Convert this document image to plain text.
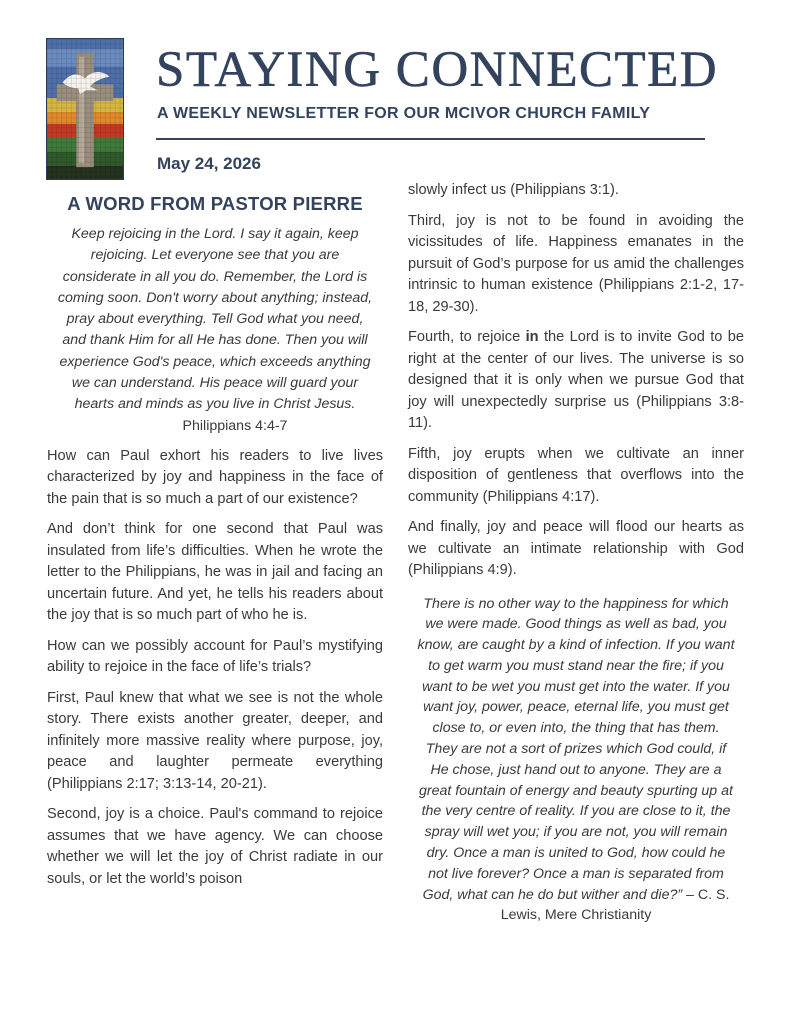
STAYING CONNECTED
A WEEKLY NEWSLETTER FOR OUR MCIVOR CHURCH FAMILY
May 24, 2026
A WORD FROM PASTOR PIERRE
Keep rejoicing in the Lord. I say it again, keep rejoicing. Let everyone see that you are considerate in all you do. Remember, the Lord is coming soon. Don't worry about anything; instead, pray about everything. Tell God what you need, and thank Him for all He has done. Then you will experience God's peace, which exceeds anything we can understand. His peace will guard your hearts and minds as you live in Christ Jesus.
Philippians 4:4-7

How can Paul exhort his readers to live lives characterized by joy and happiness in the face of the pain that is so much a part of our existence?

And don’t think for one second that Paul was insulated from life’s difficulties. When he wrote the letter to the Philippians, he was in jail and facing an uncertain future. And yet, he tells his readers about the joy that is so much part of who he is.

How can we possibly account for Paul’s mystifying ability to rejoice in the face of life’s trials?

First, Paul knew that what we see is not the whole story. There exists another greater, deeper, and infinitely more massive reality where purpose, joy, peace and laughter permeate everything (Philippians 2:17; 3:13-14, 20-21).

Second, joy is a choice. Paul's command to rejoice assumes that we have agency. We can choose whether we will let the joy of Christ radiate in our souls, or let the world’s poison

slowly infect us (Philippians 3:1).

Third, joy is not to be found in avoiding the vicissitudes of life. Happiness emanates in the pursuit of God’s purpose for us amid the challenges intrinsic to human existence (Philippians 2:1-2, 17-18, 29-30).

Fourth, to rejoice in the Lord is to invite God to be right at the center of our lives. The universe is so designed that it is only when we pursue God that joy will unexpectedly surprise us (Philippians 3:8-11).

Fifth, joy erupts when we cultivate an inner disposition of gentleness that overflows into the community (Philippians 4:17).

And finally, joy and peace will flood our hearts as we cultivate an intimate relationship with God (Philippians 4:9).

There is no other way to the happiness for which we were made. Good things as well as bad, you know, are caught by a kind of infection. If you want to get warm you must stand near the fire; if you want to be wet you must get into the water. If you want joy, power, peace, eternal life, you must get close to, or even into, the thing that has them. They are not a sort of prizes which God could, if He chose, just hand out to anyone. They are a great fountain of energy and beauty spurting up at the very centre of reality. If you are close to it, the spray will wet you; if you are not, you will remain dry. Once a man is united to God, how could he not live forever? Once a man is separated from God, what can he do but wither and die?” – C. S. Lewis, Mere Christianity
